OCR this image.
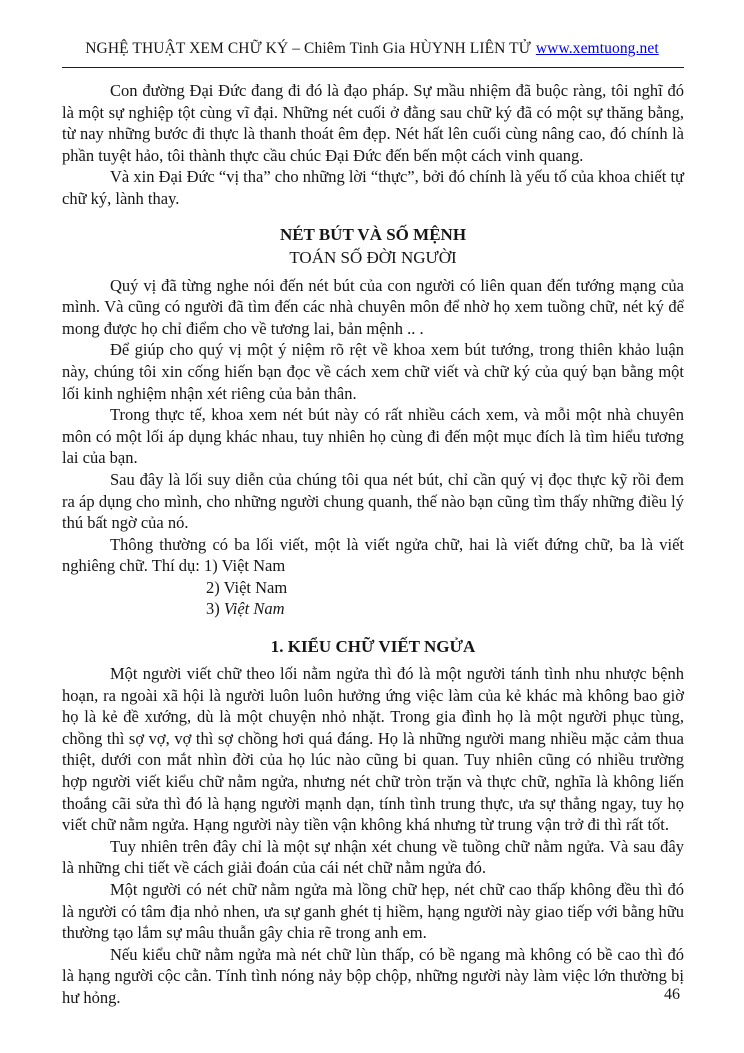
NGHỆ THUẬT XEM CHỮ KÝ – Chiêm Tinh Gia HÙYNH LIÊN TỬ www.xemtuong.net

Con đường Đại Đức đang đi đó là đạo pháp. Sự mầu nhiệm đã buộc ràng, tôi nghĩ đó là một sự nghiệp tột cùng vĩ đại. Những nét cuối ở đằng sau chữ ký đã có một sự thăng bằng, từ nay những bước đi thực là thanh thoát êm đẹp. Nét hất lên cuối cùng nâng cao, đó chính là phần tuyệt hảo, tôi thành thực cầu chúc Đại Đức đến bến một cách vinh quang.

Và xin Đại Đức “vị tha” cho những lời “thực”, bởi đó chính là yếu tố của khoa chiết tự chữ ký, lành thay.

NÉT BÚT VÀ SỐ MỆNH
TOÁN SỐ ĐỜI NGƯỜI

Quý vị đã từng nghe nói đến nét bút của con người có liên quan đến tướng mạng của mình. Và cũng có người đã tìm đến các nhà chuyên môn để nhờ họ xem tuồng chữ, nét ký để mong được họ chỉ điểm cho về tương lai, bản mệnh .. .

Để giúp cho quý vị một ý niệm rõ rệt về khoa xem bút tướng, trong thiên khảo luận này, chúng tôi xin cống hiến bạn đọc về cách xem chữ viết và chữ ký của quý bạn bằng một lối kinh nghiệm nhận xét riêng của bản thân.

Trong thực tế, khoa xem nét bút này có rất nhiều cách xem, và mỗi một nhà chuyên môn có một lối áp dụng khác nhau, tuy nhiên họ cùng đi đến một mục đích là tìm hiểu tương lai của bạn.

Sau đây là lối suy diễn của chúng tôi qua nét bút, chỉ cần quý vị đọc thực kỹ rồi đem ra áp dụng cho mình, cho những người chung quanh, thế nào bạn cũng tìm thấy những điều lý thú bất ngờ của nó.

Thông thường có ba lối viết, một là viết ngửa chữ, hai là viết đứng chữ, ba là viết nghiêng chữ. Thí dụ: 1) Việt Nam

2) Việt Nam

3) Việt Nam

1. KIỂU CHỮ VIẾT NGỬA

Một người viết chữ theo lối nằm ngửa thì đó là một người tánh tình nhu nhược bệnh hoạn, ra ngoài xã hội là người luôn luôn hưởng ứng việc làm của kẻ khác mà không bao giờ họ là kẻ đề xướng, dù là một chuyện nhỏ nhặt. Trong gia đình họ là một người phục tùng, chồng thì sợ vợ, vợ thì sợ chồng hơi quá đáng. Họ là những người mang nhiều mặc cảm thua thiệt, dưới con mắt nhìn đời của họ lúc nào cũng bi quan. Tuy nhiên cũng có nhiều trường hợp người viết kiểu chữ nằm ngửa, nhưng nét chữ tròn trặn và thực chữ, nghĩa là không liến thoắng cãi sửa thì đó là hạng người mạnh dạn, tính tình trung thực, ưa sự thẳng ngay, tuy họ viết chữ nằm ngửa. Hạng người này tiền vận không khá nhưng từ trung vận trở đi thì rất tốt.

Tuy nhiên trên đây chỉ là một sự nhận xét chung về tuồng chữ nằm ngửa. Và sau đây là những chi tiết về cách giải đoán của cái nét chữ nằm ngửa đó.

Một người có nét chữ nằm ngửa mà lồng chữ hẹp, nét chữ cao thấp không đều thì đó là người có tâm địa nhỏ nhen, ưa sự ganh ghét tị hiềm, hạng người này giao tiếp với bằng hữu thường tạo lắm sự mâu thuẫn gây chia rẽ trong anh em.

Nếu kiểu chữ nằm ngửa mà nét chữ lùn thấp, có bề ngang mà không có bề cao thì đó là hạng người cộc cằn. Tính tình nóng nảy bộp chộp, những người này làm việc lớn thường bị hư hỏng.	46
